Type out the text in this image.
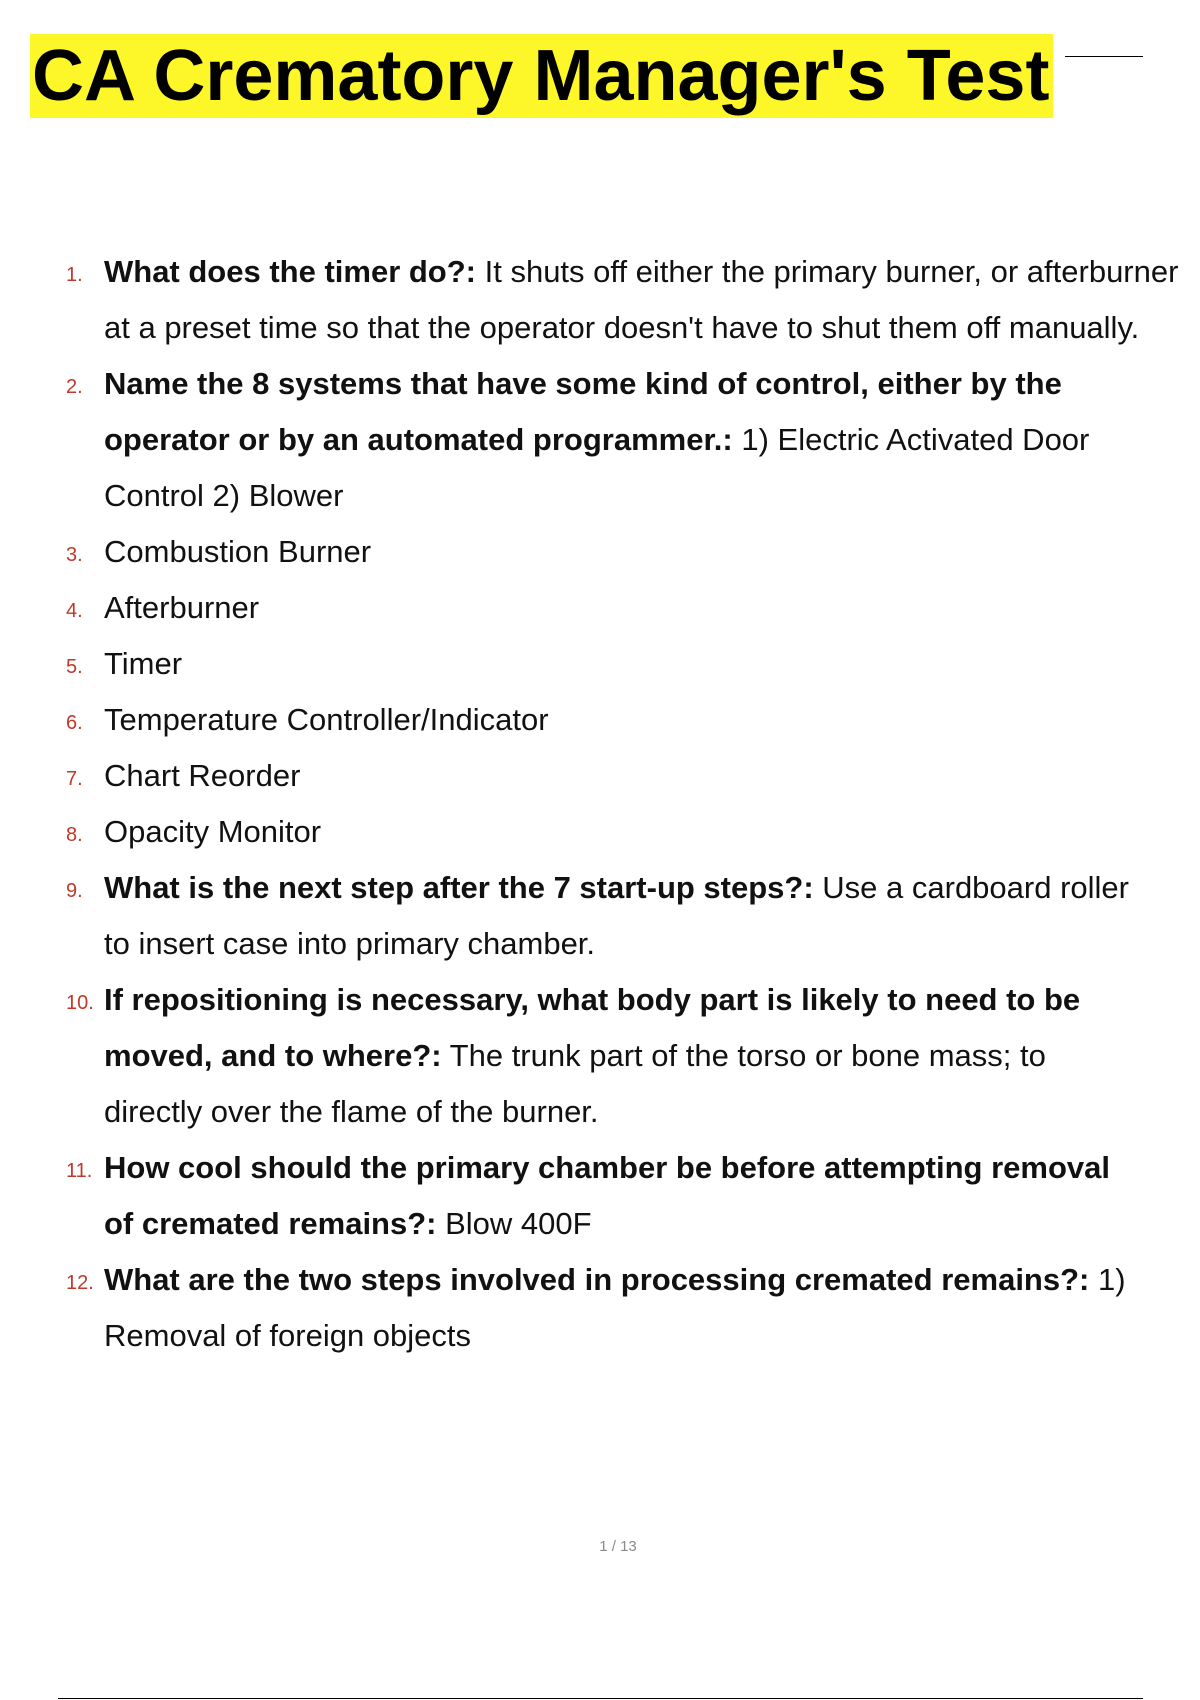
CA Crematory Manager's Test
1. What does the timer do?: It shuts off either the primary burner, or afterburner at a preset time so that the operator doesn't have to shut them off manually.
2. Name the 8 systems that have some kind of control, either by the operator or by an automated programmer.: 1) Electric Activated Door Control 2) Blower
3. Combustion Burner
4. Afterburner
5. Timer
6. Temperature Controller/Indicator
7. Chart Reorder
8. Opacity Monitor
9. What is the next step after the 7 start-up steps?: Use a cardboard roller to insert case into primary chamber.
10. If repositioning is necessary, what body part is likely to need to be moved, and to where?: The trunk part of the torso or bone mass; to directly over the flame of the burner.
11. How cool should the primary chamber be before attempting removal of cremated remains?: Blow 400F
12. What are the two steps involved in processing cremated remains?: 1) Removal of foreign objects
1 / 13
